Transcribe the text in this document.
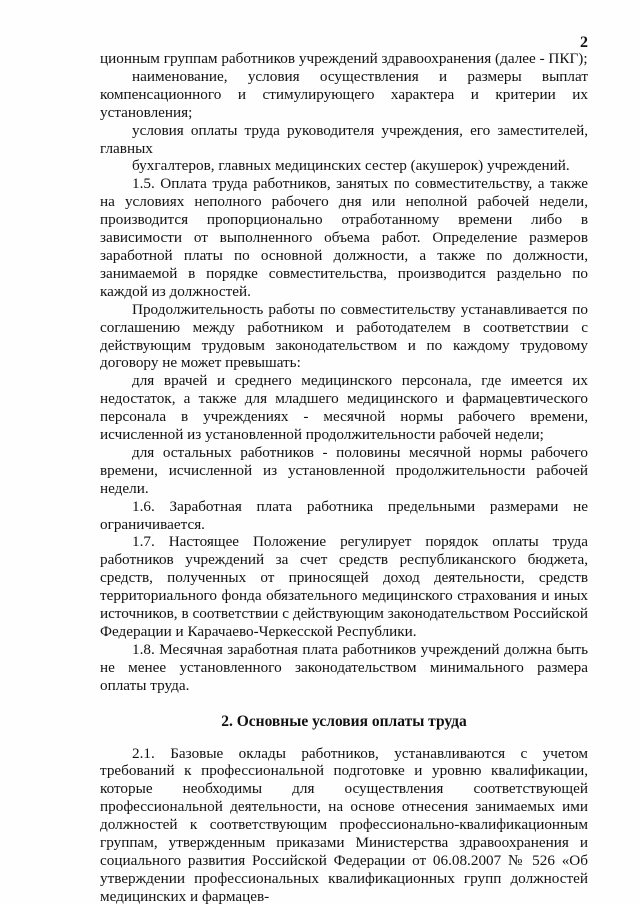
2

ционным группам работников учреждений здравоохранения (далее - ПКГ);

наименование, условия осуществления и размеры выплат компенсационного и стимулирующего характера и критерии их установления;

условия оплаты труда руководителя учреждения, его заместителей, главных

бухгалтеров, главных медицинских сестер (акушерок) учреждений.

1.5. Оплата труда работников, занятых по совместительству, а также на условиях неполного рабочего дня или неполной рабочей недели, производится пропорционально отработанному времени либо в зависимости от выполненного объема работ. Определение размеров заработной платы по основной должности, а также по должности, занимаемой в порядке совместительства, производится раздельно по каждой из должностей.

Продолжительность работы по совместительству устанавливается по соглашению между работником и работодателем в соответствии с действующим трудовым законодательством и по каждому трудовому договору не может превышать:

для врачей и среднего медицинского персонала, где имеется их недостаток, а также для младшего медицинского и фармацевтического персонала в учреждениях - месячной нормы рабочего времени, исчисленной из установленной продолжительности рабочей недели;

для остальных работников - половины месячной нормы рабочего времени, исчисленной из установленной продолжительности рабочей недели.

1.6. Заработная плата работника предельными размерами не ограничивается.

1.7. Настоящее Положение регулирует порядок оплаты труда работников учреждений за счет средств республиканского бюджета, средств, полученных от приносящей доход деятельности, средств территориального фонда обязательного медицинского страхования и иных источников, в соответствии с действующим законодательством Российской Федерации и Карачаево-Черкесской Республики.

1.8. Месячная заработная плата работников учреждений должна быть не менее установленного законодательством минимального размера оплаты труда.

2. Основные условия оплаты труда

2.1. Базовые оклады работников, устанавливаются с учетом требований к профессиональной подготовке и уровню квалификации, которые необходимы для осуществления соответствующей профессиональной деятельности, на основе отнесения занимаемых ими должностей к соответствующим профессионально-квалификационным группам, утвержденным приказами Министерства здравоохранения и социального развития Российской Федерации от 06.08.2007 № 526 «Об утверждении профессиональных квалификационных групп должностей медицинских и фармацев-
